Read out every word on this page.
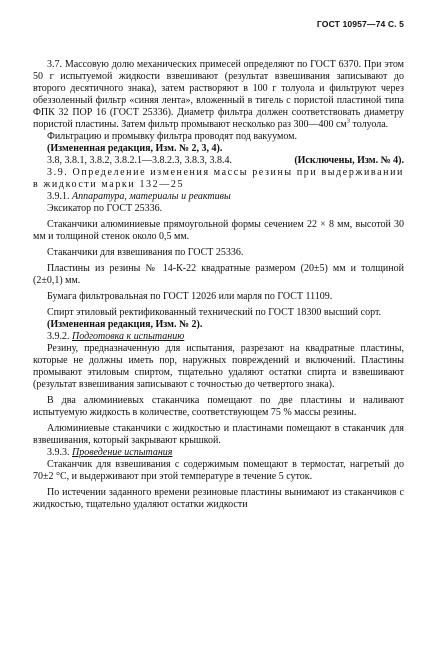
ГОСТ 10957—74 С. 5

3.7. Массовую долю механических примесей определяют по ГОСТ 6370. При этом 50 г испытуемой жидкости взвешивают (результат взвешивания записывают до второго десятичного знака), затем растворяют в 100 г толуола и фильтруют через обеззоленный фильтр «синяя лента», вложенный в тигель с пористой пластиной типа ФПК 32 ПОР 16 (ГОСТ 25336). Диаметр фильтра должен соответствовать диаметру пористой пластины. Затем фильтр промывают несколько раз 300—400 $см^3$ толуола.

Фильтрацию и промывку фильтра проводят под вакуумом.

(Измененная редакция, Изм. № 2, 3, 4).

3.8, 3.8.1, 3.8.2, 3.8.2.1—3.8.2.3, 3.8.3, 3.8.4.	(Исключены, Изм. № 4).

3.9. Определение изменения массы резины при выдерживании в жидкости марки 132—25

3.9.1. Аппаратура, материалы и реактивы

Эксикатор по ГОСТ 25336.

Стаканчики алюминиевые прямоугольной формы сечением 22 × 8 мм, высотой 30 мм и толщиной стенок около 0,5 мм.

Стаканчики для взвешивания по ГОСТ 25336.

Пластины из резины № 14-К-22 квадратные размером (20±5) мм и толщиной (2±0,1) мм.

Бумага фильтровальная по ГОСТ 12026 или марля по ГОСТ 11109.

Спирт этиловый ректификованный технический по ГОСТ 18300 высший сорт.

(Измененная редакция, Изм. № 2).

3.9.2. Подготовка к испытанию

Резину, предназначенную для испытания, разрезают на квадратные пластины, которые не должны иметь пор, наружных повреждений и включений. Пластины промывают этиловым спиртом, тщательно удаляют остатки спирта и взвешивают (результат взвешивания записывают с точностью до четвертого знака).

В два алюминиевых стаканчика помещают по две пластины и наливают испытуемую жидкость в количестве, соответствующем 75 % массы резины.

Алюминиевые стаканчики с жидкостью и пластинами помещают в стаканчик для взвешивания, который закрывают крышкой.

3.9.3. Проведение испытания

Стаканчик для взвешивания с содержимым помещают в термостат, нагретый до 70±2 °С, и выдерживают при этой температуре в течение 5 суток.

По истечении заданного времени резиновые пластины вынимают из стаканчиков с жидкостью, тщательно удаляют остатки жидкости
